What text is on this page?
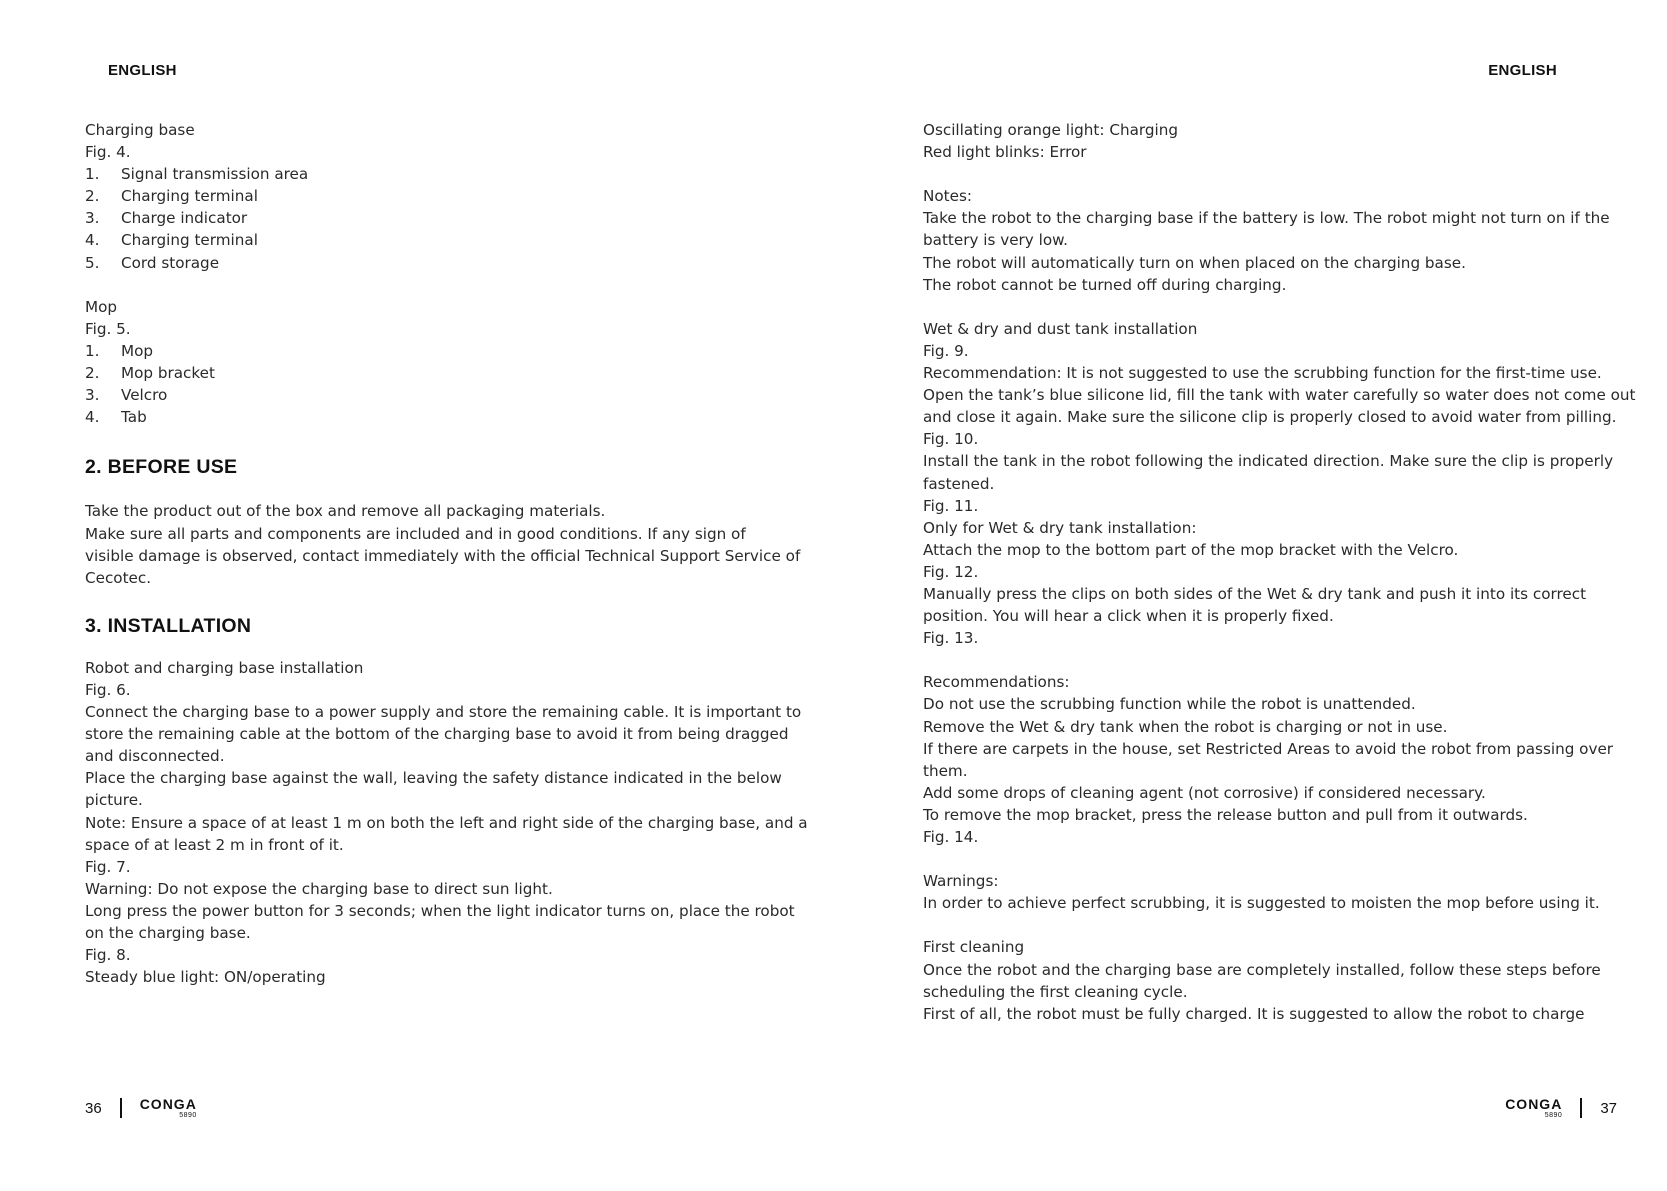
ENGLISH
Charging base
Fig. 4.
1. Signal transmission area
2. Charging terminal
3. Charge indicator
4. Charging terminal
5. Cord storage
Mop
Fig. 5.
1. Mop
2. Mop bracket
3. Velcro
4. Tab
2. BEFORE USE
Take the product out of the box and remove all packaging materials.
Make sure all parts and components are included and in good conditions. If any sign of
visible damage is observed, contact immediately with the official Technical Support Service of
Cecotec.
3. INSTALLATION
Robot and charging base installation
Fig. 6.
Connect the charging base to a power supply and store the remaining cable. It is important to
store the remaining cable at the bottom of the charging base to avoid it from being dragged
and disconnected.
Place the charging base against the wall, leaving the safety distance indicated in the below
picture.
Note: Ensure a space of at least 1 m on both the left and right side of the charging base, and a
space of at least 2 m in front of it.
Fig. 7.
Warning: Do not expose the charging base to direct sun light.
Long press the power button for 3 seconds; when the light indicator turns on, place the robot
on the charging base.
Fig. 8.
Steady blue light: ON/operating
36	CONGA
5890
ENGLISH
Oscillating orange light: Charging
Red light blinks: Error
Notes:
Take the robot to the charging base if the battery is low. The robot might not turn on if the
battery is very low.
The robot will automatically turn on when placed on the charging base.
The robot cannot be turned off during charging.
Wet & dry and dust tank installation
Fig. 9.
Recommendation: It is not suggested to use the scrubbing function for the first-time use.
Open the tank’s blue silicone lid, fill the tank with water carefully so water does not come out
and close it again. Make sure the silicone clip is properly closed to avoid water from pilling.
Fig. 10.
Install the tank in the robot following the indicated direction. Make sure the clip is properly
fastened.
Fig. 11.
Only for Wet & dry tank installation:
Attach the mop to the bottom part of the mop bracket with the Velcro.
Fig. 12.
Manually press the clips on both sides of the Wet & dry tank and push it into its correct
position. You will hear a click when it is properly fixed.
Fig. 13.
Recommendations:
Do not use the scrubbing function while the robot is unattended.
Remove the Wet & dry tank when the robot is charging or not in use.
If there are carpets in the house, set Restricted Areas to avoid the robot from passing over
them.
Add some drops of cleaning agent (not corrosive) if considered necessary.
To remove the mop bracket, press the release button and pull from it outwards.
Fig. 14.
Warnings:
In order to achieve perfect scrubbing, it is suggested to moisten the mop before using it.
First cleaning
Once the robot and the charging base are completely installed, follow these steps before
scheduling the first cleaning cycle.
First of all, the robot must be fully charged. It is suggested to allow the robot to charge
CONGA
5890	37
